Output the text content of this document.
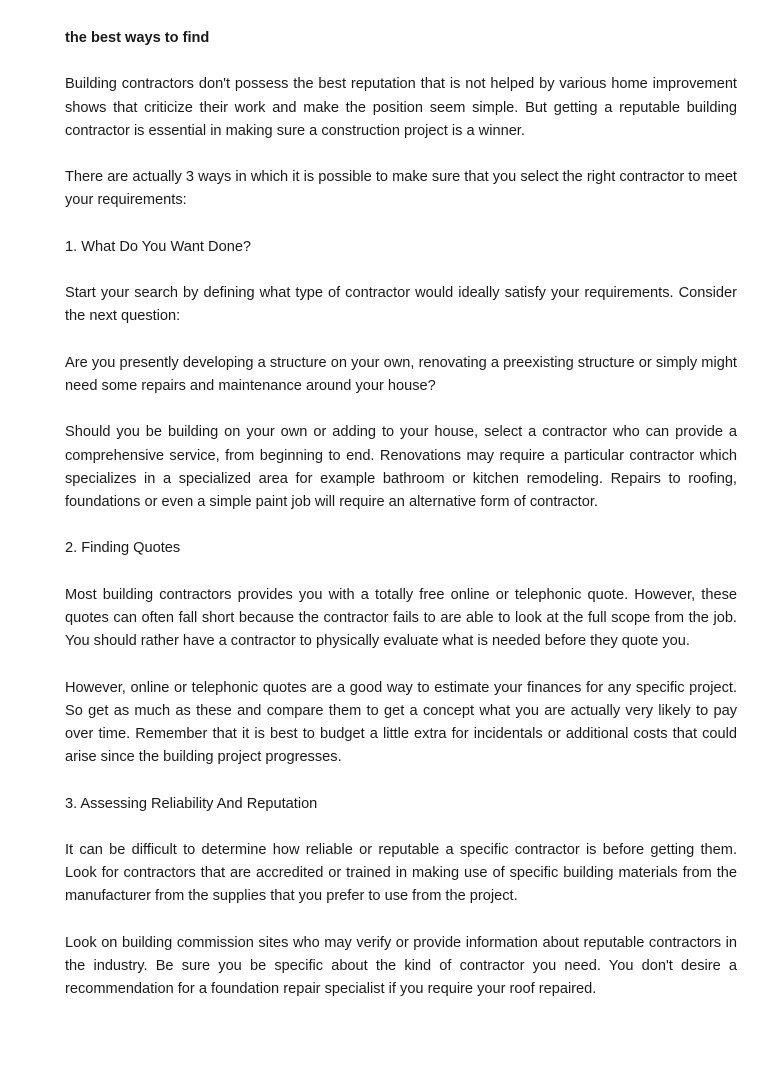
the best ways to find

Building contractors don't possess the best reputation that is not helped by various home improvement shows that criticize their work and make the position seem simple. But getting a reputable building contractor is essential in making sure a construction project is a winner.

There are actually 3 ways in which it is possible to make sure that you select the right contractor to meet your requirements:

1. What Do You Want Done?

Start your search by defining what type of contractor would ideally satisfy your requirements. Consider the next question:

Are you presently developing a structure on your own, renovating a preexisting structure or simply might need some repairs and maintenance around your house?

Should you be building on your own or adding to your house, select a contractor who can provide a comprehensive service, from beginning to end. Renovations may require a particular contractor which specializes in a specialized area for example bathroom or kitchen remodeling. Repairs to roofing, foundations or even a simple paint job will require an alternative form of contractor.

2. Finding Quotes

Most building contractors provides you with a totally free online or telephonic quote. However, these quotes can often fall short because the contractor fails to are able to look at the full scope from the job. You should rather have a contractor to physically evaluate what is needed before they quote you.

However, online or telephonic quotes are a good way to estimate your finances for any specific project. So get as much as these and compare them to get a concept what you are actually very likely to pay over time. Remember that it is best to budget a little extra for incidentals or additional costs that could arise since the building project progresses.

3. Assessing Reliability And Reputation

It can be difficult to determine how reliable or reputable a specific contractor is before getting them. Look for contractors that are accredited or trained in making use of specific building materials from the manufacturer from the supplies that you prefer to use from the project.

Look on building commission sites who may verify or provide information about reputable contractors in the industry. Be sure you be specific about the kind of contractor you need. You don't desire a recommendation for a foundation repair specialist if you require your roof repaired.
